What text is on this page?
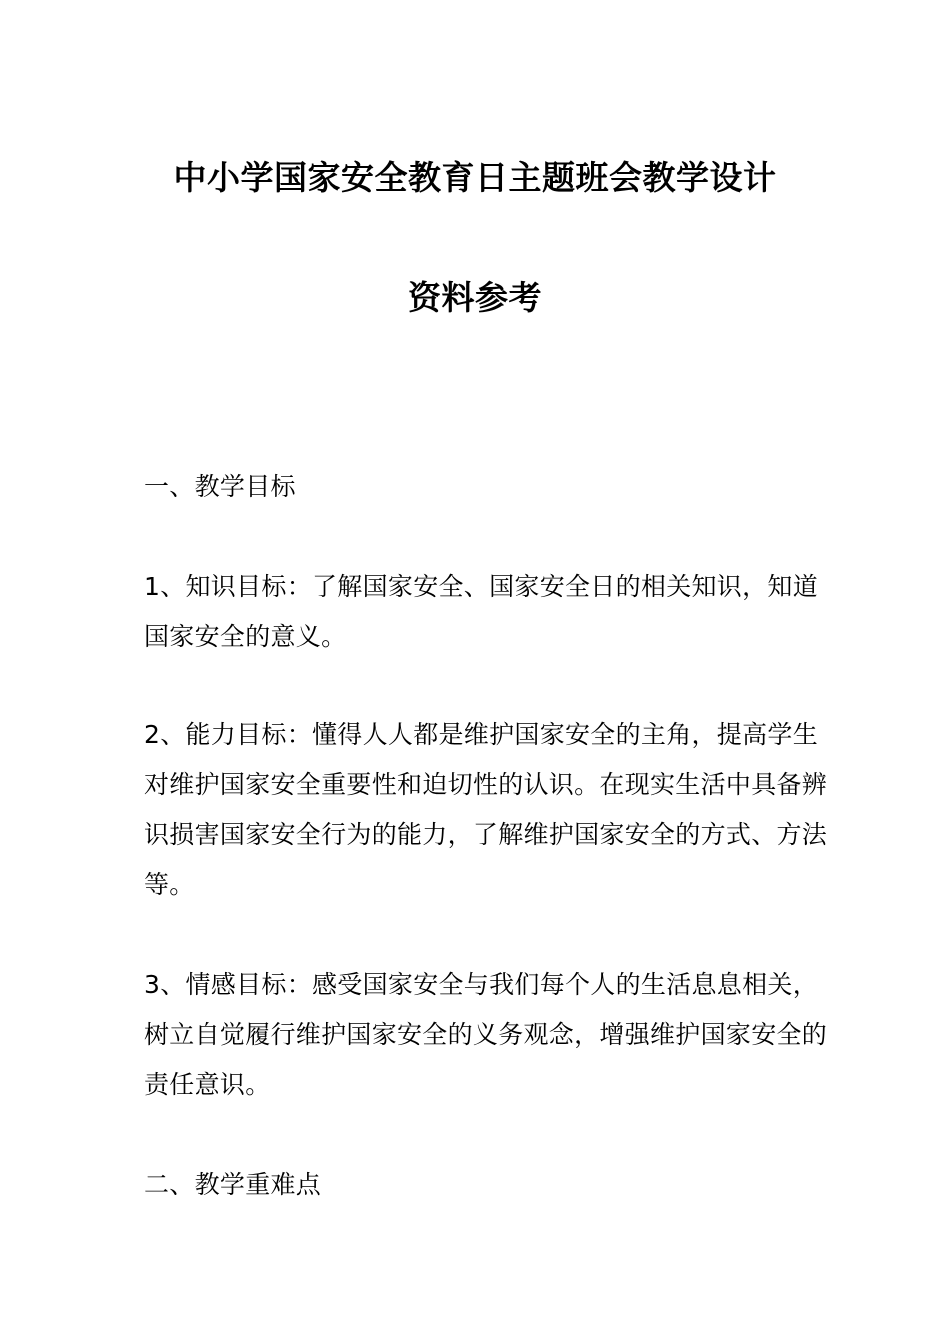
中小学国家安全教育日主题班会教学设计
资料参考
一、教学目标
1、知识目标：了解国家安全、国家安全日的相关知识，知道国家安全的意义。
2、能力目标：懂得人人都是维护国家安全的主角，提高学生对维护国家安全重要性和迫切性的认识。在现实生活中具备辨识损害国家安全行为的能力，了解维护国家安全的方式、方法等。
3、情感目标：感受国家安全与我们每个人的生活息息相关，树立自觉履行维护国家安全的义务观念，增强维护国家安全的责任意识。
二、教学重难点
